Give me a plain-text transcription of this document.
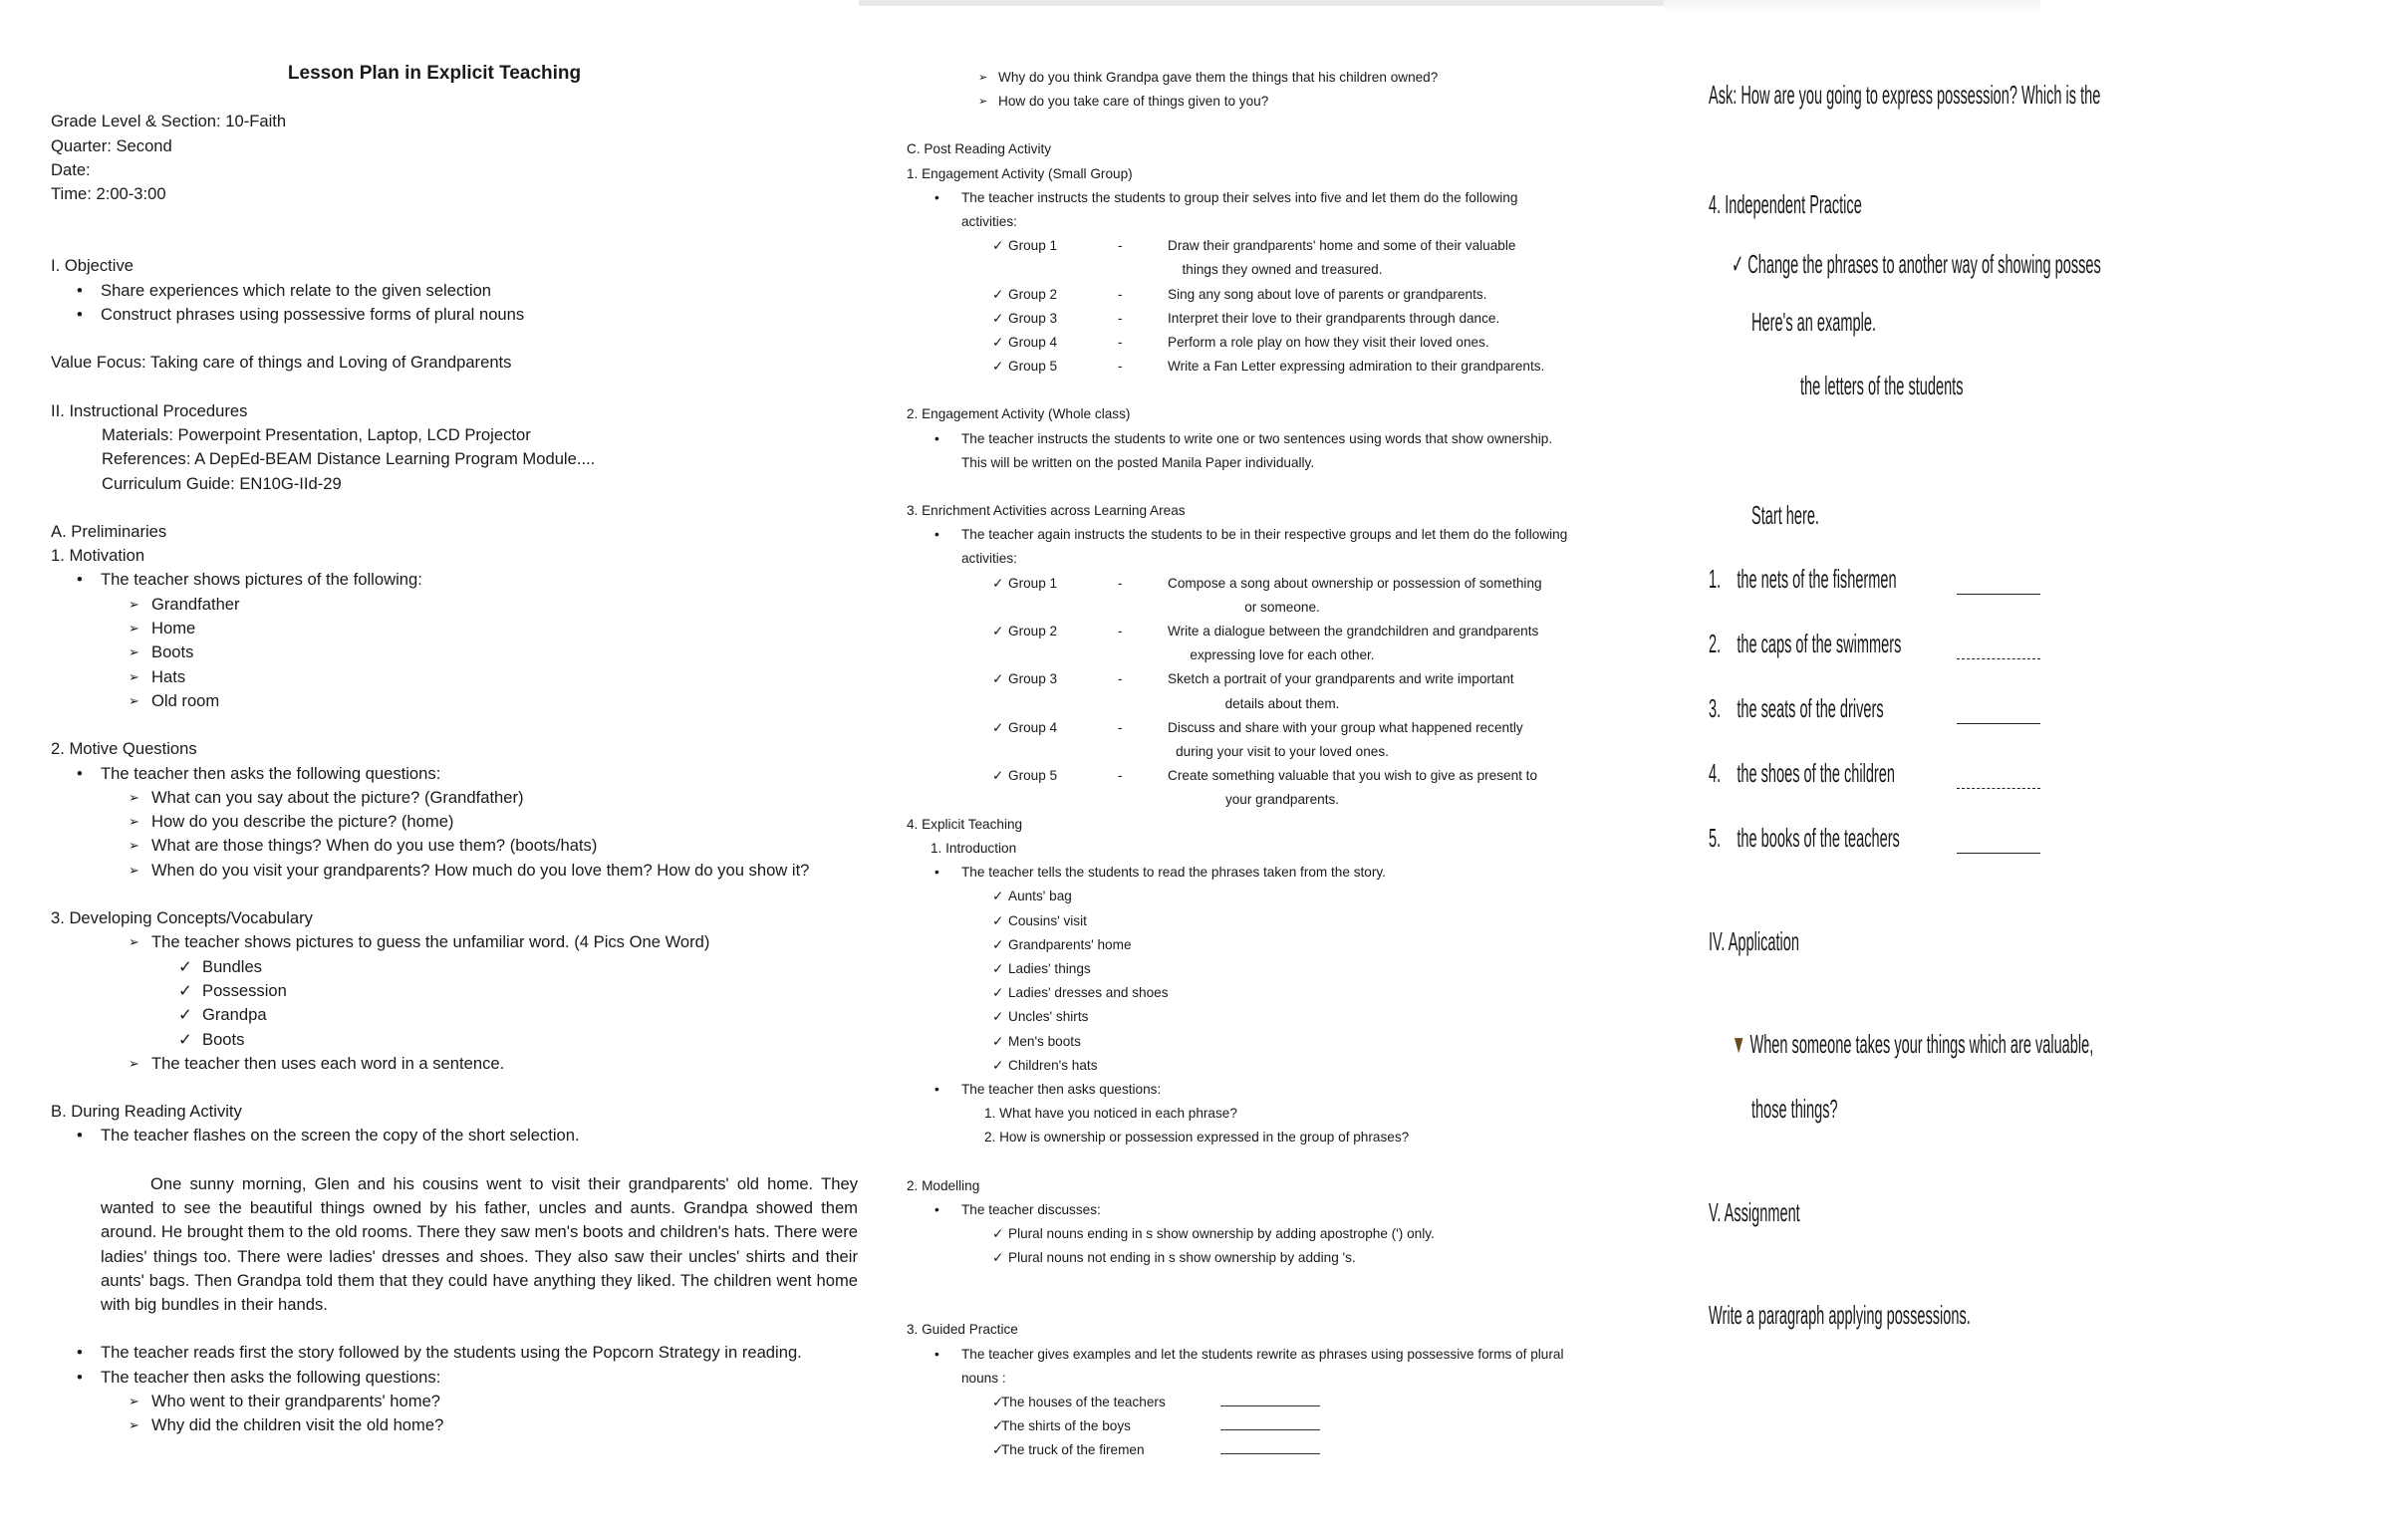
Lesson Plan in Explicit Teaching
Grade Level & Section: 10-Faith
Quarter: Second
Date:
Time: 2:00-3:00
I. Objective
• Share experiences which relate to the given selection
• Construct phrases using possessive forms of plural nouns
Value Focus: Taking care of things and Loving of Grandparents
II. Instructional Procedures
Materials: Powerpoint Presentation, Laptop, LCD Projector
References: A DepEd-BEAM Distance Learning Program Module....
Curriculum Guide: EN10G-IId-29
A. Preliminaries
1. Motivation
• The teacher shows pictures of the following:
➢ Grandfather
➢ Home
➢ Boots
➢ Hats
➢ Old room
2. Motive Questions
• The teacher then asks the following questions:
➢ What can you say about the picture? (Grandfather)
➢ How do you describe the picture? (home)
➢ What are those things? When do you use them? (boots/hats)
➢ When do you visit your grandparents? How much do you love them? How do you show it?
3. Developing Concepts/Vocabulary
➢ The teacher shows pictures to guess the unfamiliar word. (4 Pics One Word)
✓ Bundles
✓ Possession
✓ Grandpa
✓ Boots
➢ The teacher then uses each word in a sentence.
B. During Reading Activity
• The teacher flashes on the screen the copy of the short selection.

One sunny morning, Glen and his cousins went to visit their grandparents' old home. They wanted to see the beautiful things owned by his father, uncles and aunts. Grandpa showed them around. He brought them to the old rooms. There they saw men's boots and children's hats. There were ladies' things too. There were ladies' dresses and shoes. They also saw their uncles' shirts and their aunts' bags. Then Grandpa told them that they could have anything they liked. The children went home with big bundles in their hands.

• The teacher reads first the story followed by the students using the Popcorn Strategy in reading.
• The teacher then asks the following questions:
➢ Who went to their grandparents' home?
➢ Why did the children visit the old home?
➢ Why do you think Grandpa gave them the things that his children owned?
➢ How do you take care of things given to you?
C. Post Reading Activity
1. Engagement Activity (Small Group)
• The teacher instructs the students to group their selves into five and let them do the following
activities:
✓ Group 1	-	Draw their grandparents' home and some of their valuable
things they owned and treasured.
✓ Group 2	-	Sing any song about love of parents or grandparents.
✓ Group 3	-	Interpret their love to their grandparents through dance.
✓ Group 4	-	Perform a role play on how they visit their loved ones.
✓ Group 5	-	Write a Fan Letter expressing admiration to their grandparents.
2. Engagement Activity (Whole class)
• The teacher instructs the students to write one or two sentences using words that show ownership.
This will be written on the posted Manila Paper individually.
3. Enrichment Activities across Learning Areas
• The teacher again instructs the students to be in their respective groups and let them do the following
activities:
✓ Group 1	-	Compose a song about ownership or possession of something
or someone.
✓ Group 2	-	Write a dialogue between the grandchildren and grandparents
expressing love for each other.
✓ Group 3	-	Sketch a portrait of your grandparents and write important
details about them.
✓ Group 4	-	Discuss and share with your group what happened recently
during your visit to your loved ones.
✓ Group 5	-	Create something valuable that you wish to give as present to
your grandparents.
4. Explicit Teaching
1. Introduction
• The teacher tells the students to read the phrases taken from the story.
✓ Aunts' bag
✓ Cousins' visit
✓ Grandparents' home
✓ Ladies' things
✓ Ladies' dresses and shoes
✓ Uncles' shirts
✓ Men's boots
✓ Children's hats
• The teacher then asks questions:
1. What have you noticed in each phrase?
2. How is ownership or possession expressed in the group of phrases?
2. Modelling
• The teacher discusses:
✓ Plural nouns ending in s show ownership by adding apostrophe (') only.
✓ Plural nouns not ending in s show ownership by adding 's.
3. Guided Practice
• The teacher gives examples and let the students rewrite as phrases using possessive forms of plural
nouns :
✓ The houses of the teachers
✓ The shirts of the boys
✓ The truck of the firemen
Ask: How are you going to express possession? Which is the
4. Independent Practice
✓ Change the phrases to another way of showing posses
Here's an example.
the letters of the students
Start here.
1. the nets of the fishermen
2. the caps of the swimmers
3. the seats of the drivers
4. the shoes of the children
5. the books of the teachers
IV. Application
▼ When someone takes your things which are valuable,
those things?
V. Assignment
Write a paragraph applying possessions.
